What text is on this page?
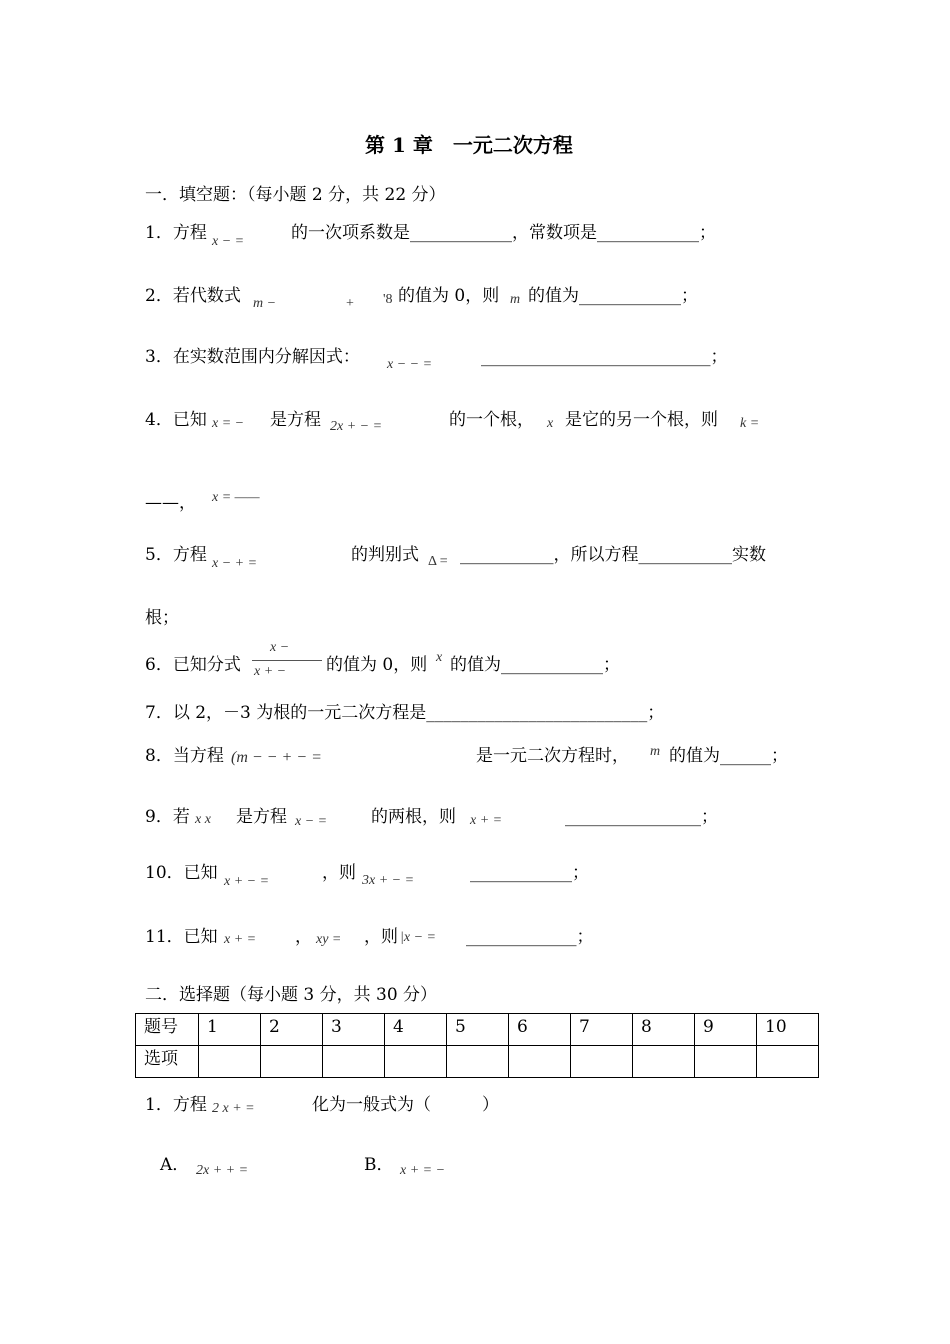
第 1 章　一元二次方程
一．填空题：（每小题 2 分，共 22 分）
1．方程 x − =	的一次项系数是____________，常数项是____________；
2．若代数式 m −	+ '8 的值为 0，则 m 的值为____________；
3．在实数范围内分解因式： x − − =	___________________________；
4．已知 x = − 是方程 2x + − =	的一个根， x 是它的另一个根，则 k =
——， x = ——
5．方程 x − + =	的判别式 Δ = ___________，所以方程___________实数
根；
6．已知分式
x −
x + − 的值为 0，则 x 的值为____________；
7．以 2，－3 为根的一元二次方程是__________________________；
8．当方程 (m − − + − =	是一元二次方程时， m 的值为______；
9．若 x x 是方程 x − =	的两根，则 x + =	________________；
10．已知 x + − =	，则 3x + − =	____________；
11．已知 x + = ， xy = ，则 |x − = _____________；
二．选择题（每小题 3 分，共 30 分）
题号	1	2	3	4	5	6	7	8	9	10
选项										
1．方程 2 x + =	化为一般式为（　　　）
A． 2x + + =	B． x + = −
